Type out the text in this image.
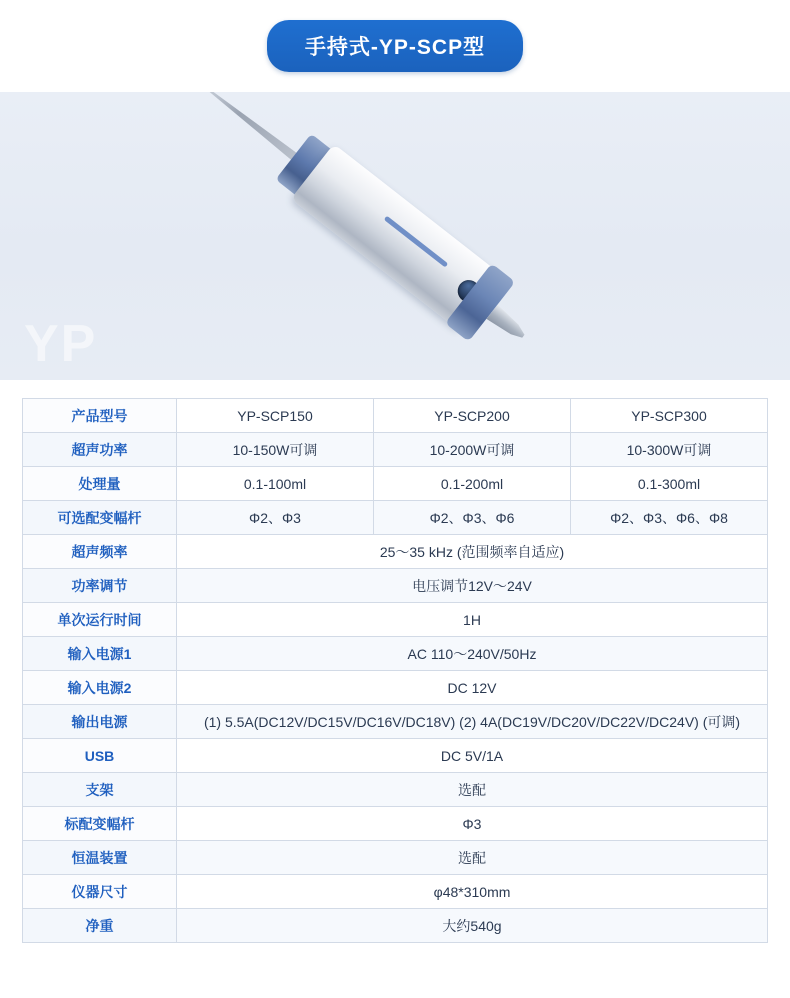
手持式-YP-SCP型
YP
产品型号	YP-SCP150	YP-SCP200	YP-SCP300
超声功率	10-150W可调	10-200W可调	10-300W可调
处理量	0.1-100ml	0.1-200ml	0.1-300ml
可选配变幅杆	Φ2、Φ3	Φ2、Φ3、Φ6	Φ2、Φ3、Φ6、Φ8
超声频率	25～35 kHz (范围频率自适应)		
功率调节	电压调节12V～24V		
单次运行时间	1H		
输入电源1	AC 110～240V/50Hz		
输入电源2	DC 12V		
输出电源	(1) 5.5A(DC12V/DC15V/DC16V/DC18V) (2) 4A(DC19V/DC20V/DC22V/DC24V) (可调)		
USB	DC 5V/1A		
支架	选配		
标配变幅杆	Φ3		
恒温装置	选配		
仪器尺寸	φ48*310mm		
净重	大约540g		
